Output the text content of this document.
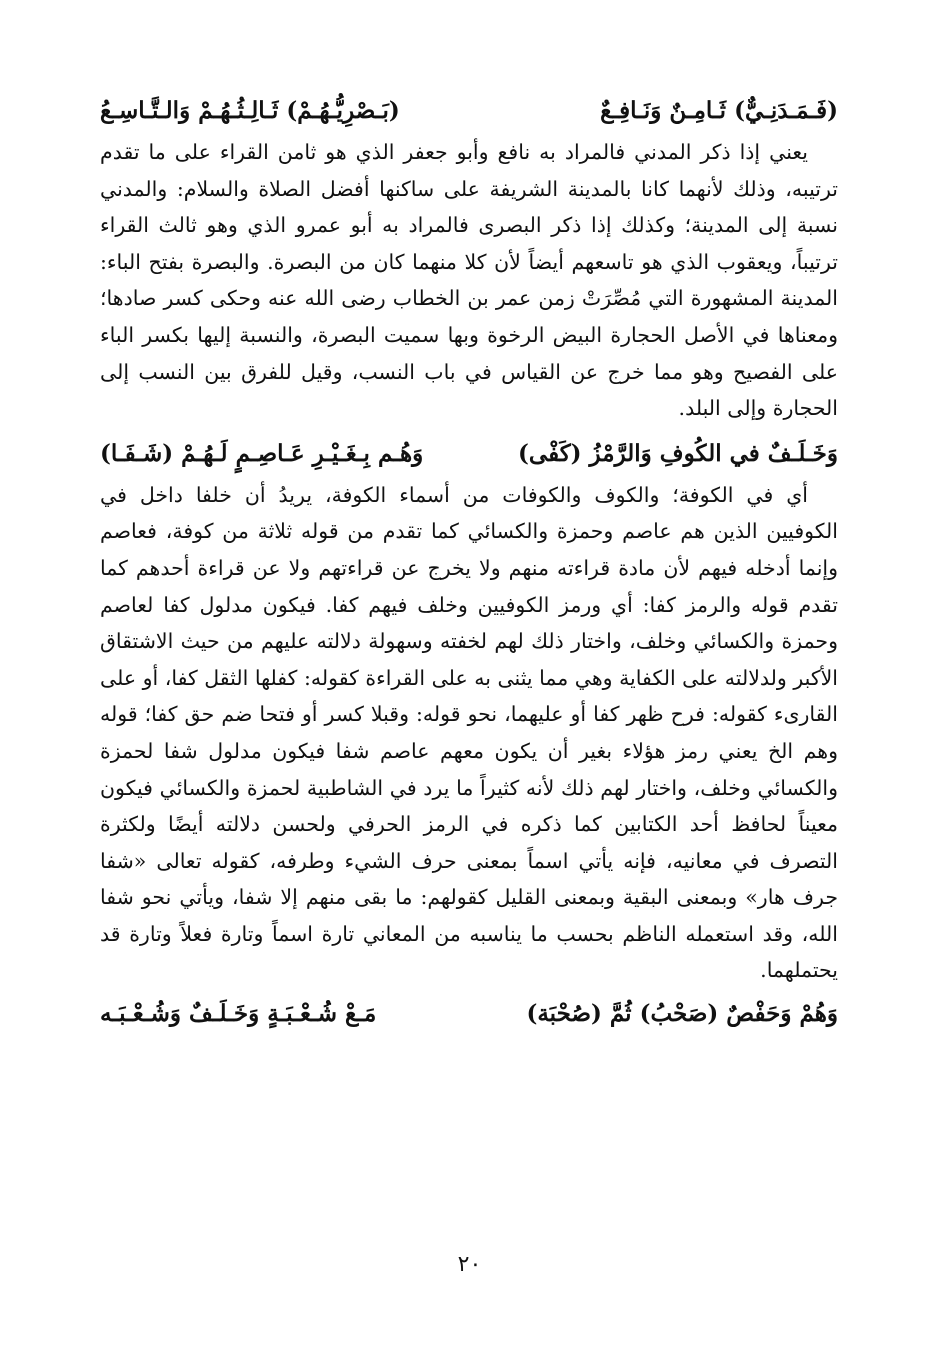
(فَـمَـدَنِـيٌّ) ثَـامِـنٌ وَنَـافِـعٌ
(بَـصْرِيُّـهُـمْ) ثَـالِـثُـهُـمْ وَالـتَّـاسِـعُ

يعني إذا ذكر المدني فالمراد به نافع وأبو جعفر الذي هو ثامن القراء على ما تقدم ترتيبه، وذلك لأنهما كانا بالمدينة الشريفة على ساكنها أفضل الصلاة والسلام: والمدني نسبة إلى المدينة؛ وكذلك إذا ذكر البصرى فالمراد به أبو عمرو الذي وهو ثالث القراء ترتيباً، ويعقوب الذي هو تاسعهم أيضاً لأن كلا منهما كان من البصرة. والبصرة بفتح الباء: المدينة المشهورة التي مُصِّرَتْ زمن عمر بن الخطاب رضى الله عنه وحكى كسر صادها؛ ومعناها في الأصل الحجارة البيض الرخوة وبها سميت البصرة، والنسبة إليها بكسر الباء على الفصيح وهو مما خرج عن القياس في باب النسب، وقيل للفرق بين النسب إلى الحجارة وإلى البلد.

وَخَـلَـفٌ في الكُوفِ وَالرَّمْزُ (كَفْى)
وَهُـم بِـغَـيْـرِ عَـاصِـمٍ لَـهُـمْ (شَـفَـا)

أي في الكوفة؛ والكوف والكوفات من أسماء الكوفة، يريدُ أن خلفا داخل في الكوفيين الذين هم عاصم وحمزة والكسائي كما تقدم من قوله ثلاثة من كوفة، فعاصم وإنما أدخله فيهم لأن مادة قراءته منهم ولا يخرج عن قراءتهم ولا عن قراءة أحدهم كما تقدم قوله والرمز كفا: أي ورمز الكوفيين وخلف فيهم كفا. فيكون مدلول كفا لعاصم وحمزة والكسائي وخلف، واختار ذلك لهم لخفته وسهولة دلالته عليهم من حيث الاشتقاق الأكبر ولدلالته على الكفاية وهي مما يثنى به على القراءة كقوله: كفلها الثقل كفا، أو على القارىء كقوله: فرح ظهر كفا أو عليهما، نحو قوله: وقبلا كسر أو فتحا ضم حق كفا؛ قوله وهم الخ يعني رمز هؤلاء بغير أن يكون معهم عاصم شفا فيكون مدلول شفا لحمزة والكسائي وخلف، واختار لهم ذلك لأنه كثيراً ما يرد في الشاطبية لحمزة والكسائي فيكون معيناً لحافظ أحد الكتابين كما ذكره في الرمز الحرفي ولحسن دلالته أيضًا ولكثرة التصرف في معانيه، فإنه يأتي اسماً بمعنى حرف الشيء وطرفه، كقوله تعالى «شفا جرف هار» وبمعنى البقية وبمعنى القليل كقولهم: ما بقى منهم إلا شفا، ويأتي نحو شفا الله، وقد استعمله الناظم بحسب ما يناسبه من المعاني تارة اسماً وتارة فعلاً وتارة قد يحتملهما.

وَهُمْ وَحَفْصٌ (صَحْبُ) ثُمَّ (صُحْبَة)
مَـعْ شُـعْـبَـةٍ وَخَـلَـفٌ وَشُـعْـبَـه
٢٠
